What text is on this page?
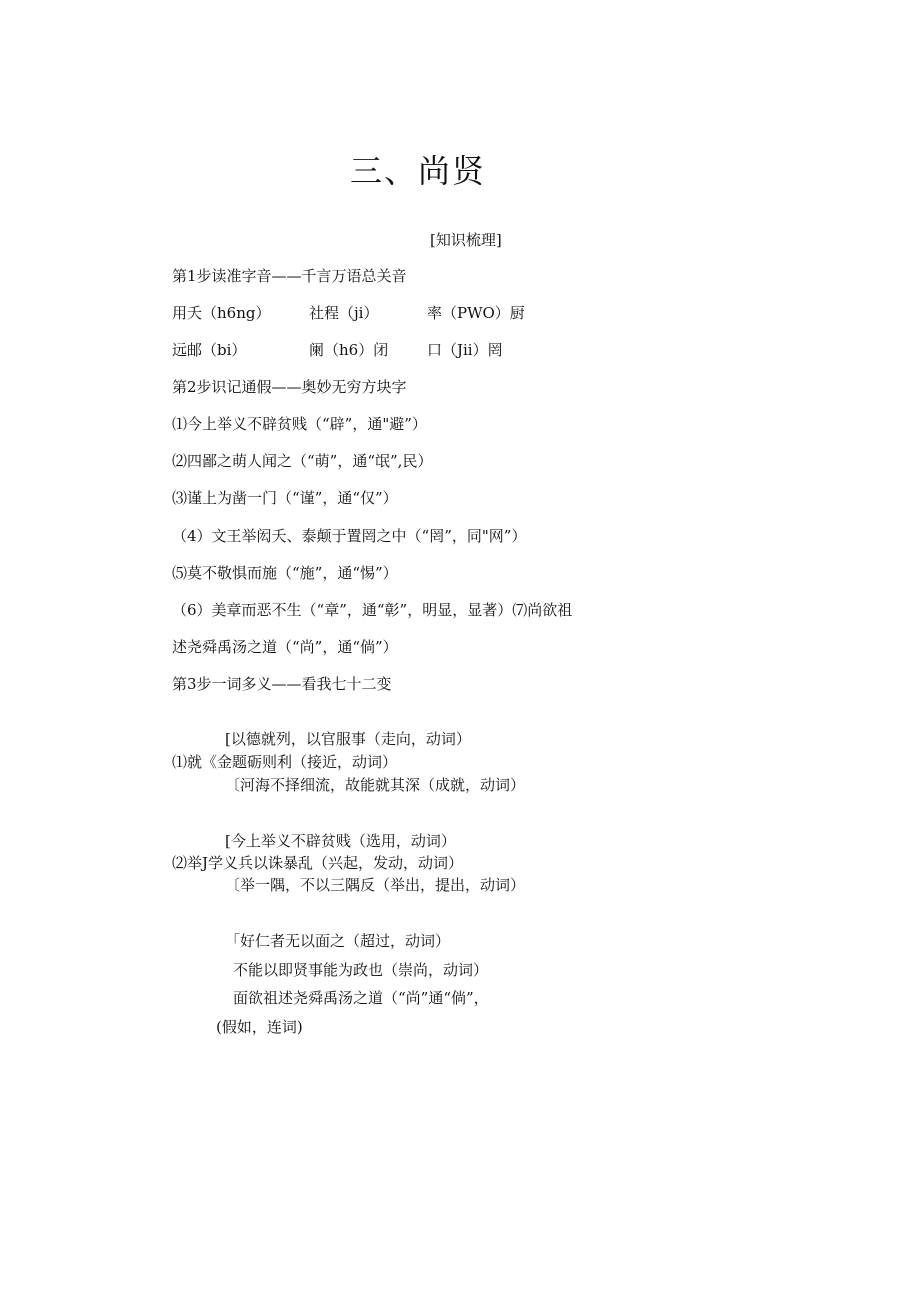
三、尚贤
[知识梳理]
第1步读准字音——千言万语总关音
用夭（h6ng）	社程（ji）	率（PWO）厨
远邮（bi）	阑（h6）闭	口（Jii）罔
第2步识记通假——奥妙无穷方块字
⑴今上举义不辟贫贱（“辟”，通"避”）
⑵四鄙之萌人闻之（“萌”，通“氓”,民）
⑶谨上为凿一门（“谨”，通“仅”）
（4）文王举闳夭、泰颠于置罔之中（“罔”，同"网”）
⑸莫不敬惧而施（“施”，通“惕”）
（6）美章而恶不生（“章”，通“彰”，明显，显著）⑺尚欲祖
述尧舜禹汤之道（“尚”，通“倘”）
第3步一词多义——看我七十二变
[以德就列，以官服事（走向，动词）
⑴就《金题砺则利（接近，动词）
〔河海不择细流，故能就其深（成就，动词）
[今上举义不辟贫贱（选用，动词）
⑵举J学义兵以诛暴乱（兴起，发动，动词）
〔举一隅，不以三隅反（举出，提出，动词）
「好仁者无以面之（超过，动词）
不能以即贤事能为政也（崇尚，动词）
面欲祖述尧舜禹汤之道（“尚”通“倘”，
(假如，连词)
